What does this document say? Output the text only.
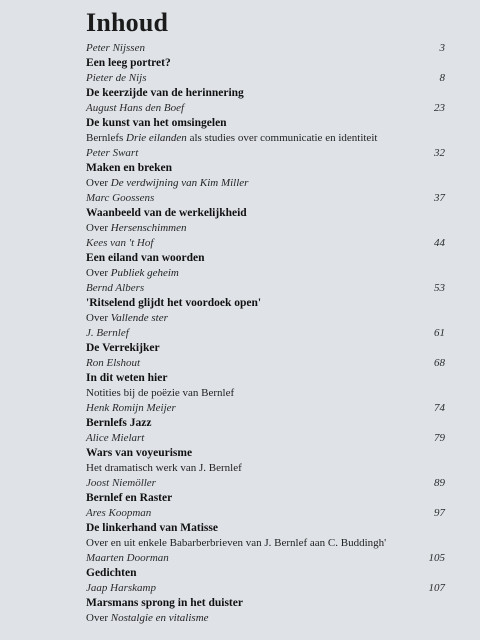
Inhoud
Peter Nijssen	3
Een leeg portret?
Pieter de Nijs	8
De keerzijde van de herinnering
August Hans den Boef	23
De kunst van het omsingelen
Bernlefs Drie eilanden als studies over communicatie en identiteit
Peter Swart	32
Maken en breken
Over De verdwijning van Kim Miller
Marc Goossens	37
Waanbeeld van de werkelijkheid
Over Hersenschimmen
Kees van 't Hof	44
Een eiland van woorden
Over Publiek geheim
Bernd Albers	53
'Ritselend glijdt het voordoek open'
Over Vallende ster
J. Bernlef	61
De Verrekijker
Ron Elshout	68
In dit weten hier
Notities bij de poëzie van Bernlef
Henk Romijn Meijer	74
Bernlefs Jazz
Alice Mielart	79
Wars van voyeurisme
Het dramatisch werk van J. Bernlef
Joost Niemöller	89
Bernlef en Raster
Ares Koopman	97
De linkerhand van Matisse
Over en uit enkele Babarberbrieven van J. Bernlef aan C. Buddingh'
Maarten Doorman	105
Gedichten
Jaap Harskamp	107
Marsmans sprong in het duister
Over Nostalgie en vitalisme
